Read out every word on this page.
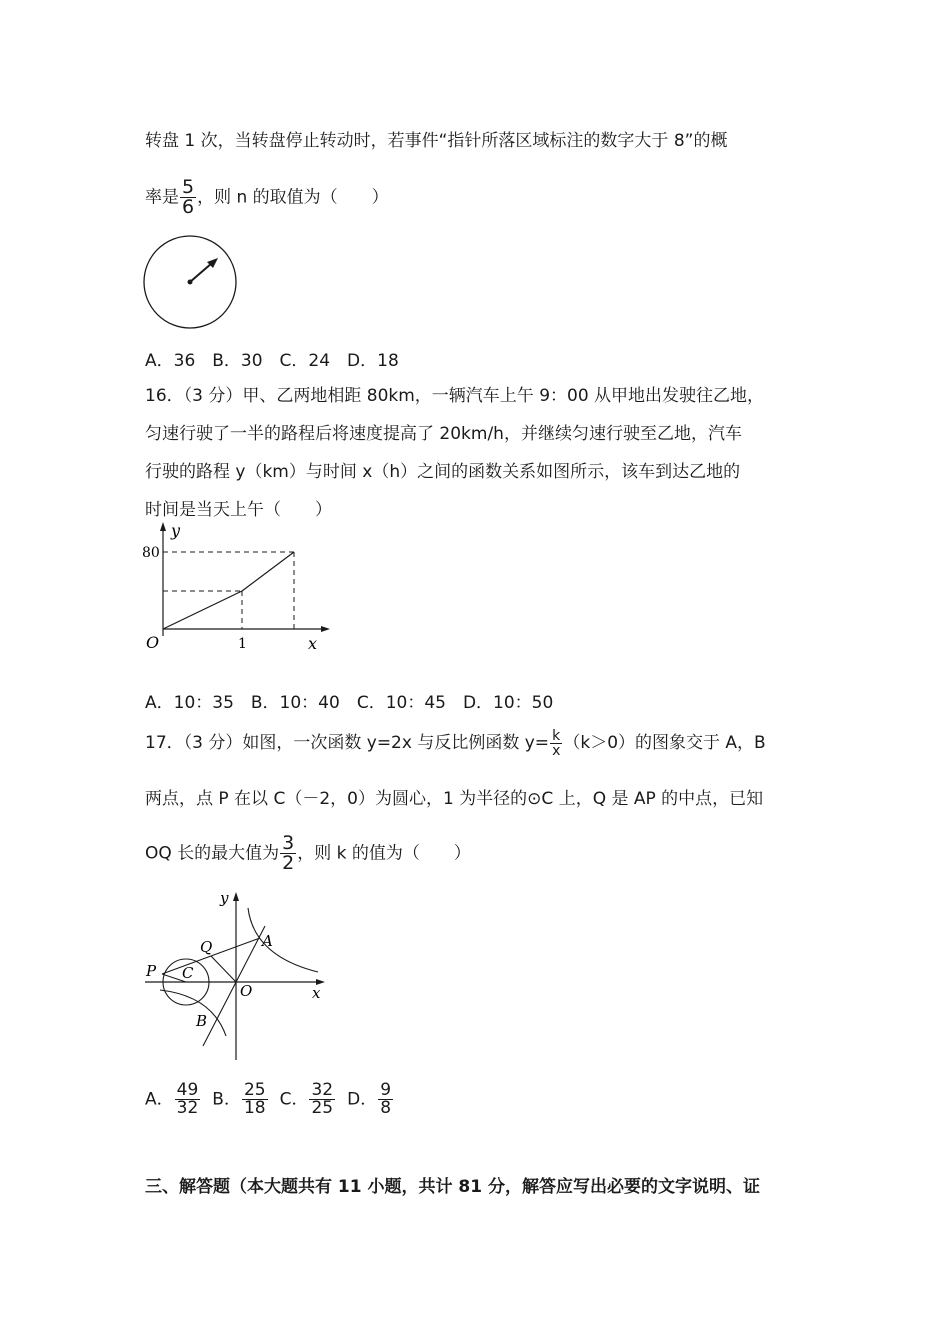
转盘 1 次，当转盘停止转动时，若事件“指针所落区域标注的数字大于 8”的概
率是 $\frac{5}{6}$ ，则 n 的取值为（　　）
A．36　B．30　C．24　D．18
16．（3 分）甲、乙两地相距 80km，一辆汽车上午 9：00 从甲地出发驶往乙地，
匀速行驶了一半的路程后将速度提高了 20km/h，并继续匀速行驶至乙地，汽车
行驶的路程 y（km）与时间 x（h）之间的函数关系如图所示，该车到达乙地的
时间是当天上午（　　）
y
x
O
80
1
A．10：35　B．10：40　C．10：45　D．10：50
17．（3 分）如图，一次函数 y=2x 与反比例函数 $y= \frac{k}{x} (k>0)$的图象交于 A，B
两点，点 P 在以 C（－2，0）为圆心，1 为半径的⊙C 上，Q 是 AP 的中点，已知
OQ 长的最大值为 $\frac{3}{2}$ ，则 k 的值为（　　）
y
x
O
A
B
C
P
Q
A． $\frac{49}{32}$ B． $\frac{25}{18}$ C． $\frac{32}{25}$ D． $\frac{9}{8}$
三、解答题（本大题共有 11 小题，共计 81 分，解答应写出必要的文字说明、证
